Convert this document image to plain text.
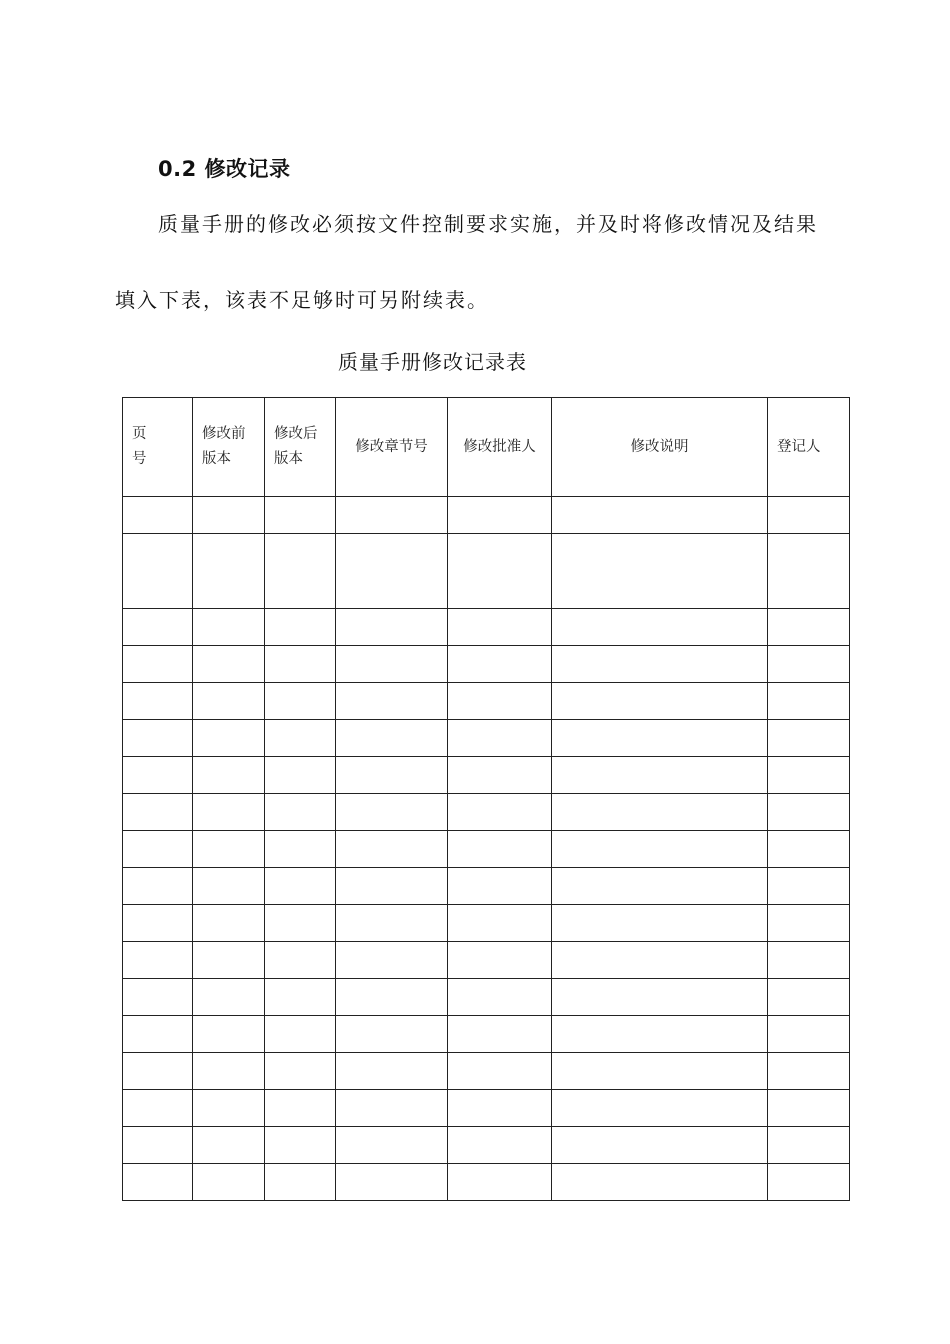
0.2 修改记录
质量手册的修改必须按文件控制要求实施，并及时将修改情况及结果
填入下表，该表不足够时可另附续表。
质量手册修改记录表
页号	修改前版本	修改后版本	修改章节号	修改批准人	修改说明	登记人
